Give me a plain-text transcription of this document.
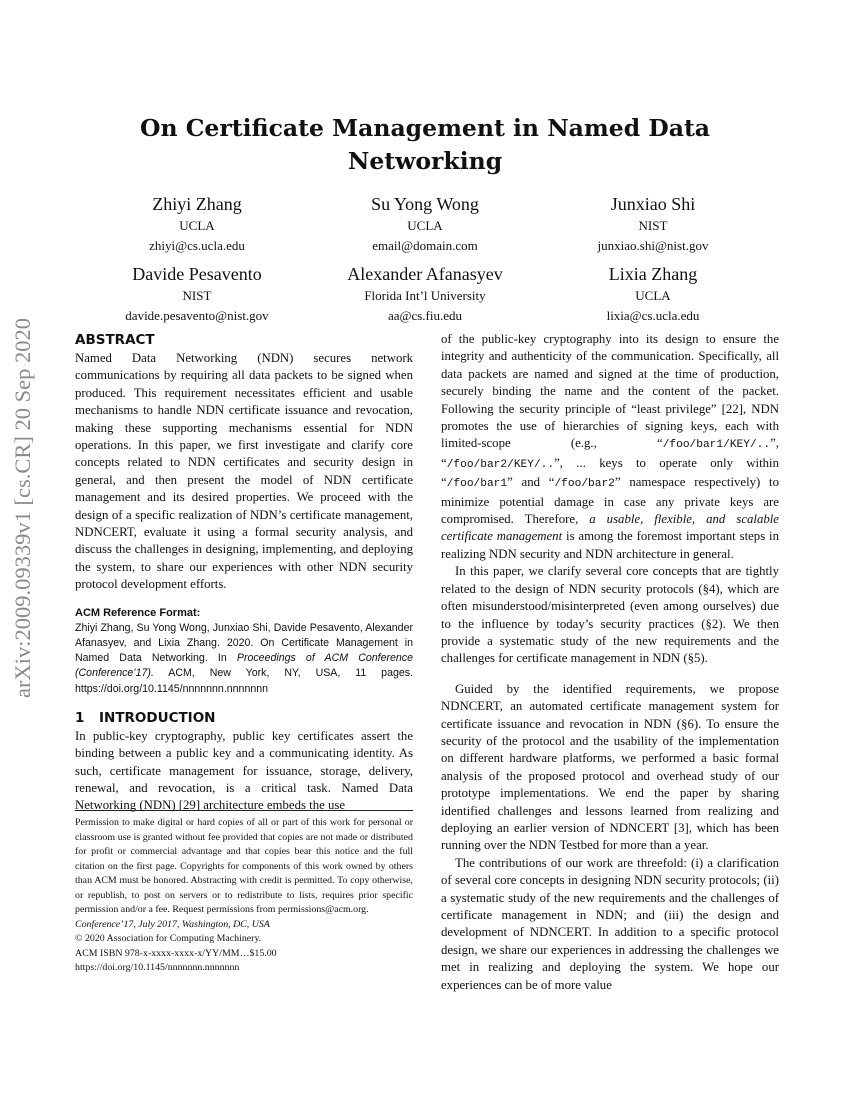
arXiv:2009.09339v1 [cs.CR] 20 Sep 2020
On Certificate Management in Named Data Networking
Zhiyi Zhang
UCLA
zhiyi@cs.ucla.edu
Su Yong Wong
UCLA
email@domain.com
Junxiao Shi
NIST
junxiao.shi@nist.gov
Davide Pesavento
NIST
davide.pesavento@nist.gov
Alexander Afanasyev
Florida Int’l University
aa@cs.fiu.edu
Lixia Zhang
UCLA
lixia@cs.ucla.edu
ABSTRACT

Named Data Networking (NDN) secures network communications by requiring all data packets to be signed when produced. This requirement necessitates efficient and usable mechanisms to handle NDN certificate issuance and revocation, making these supporting mechanisms essential for NDN operations. In this paper, we first investigate and clarify core concepts related to NDN certificates and security design in general, and then present the model of NDN certificate management and its desired properties. We proceed with the design of a specific realization of NDN’s certificate management, NDNCERT, evaluate it using a formal security analysis, and discuss the challenges in designing, implementing, and deploying the system, to share our experiences with other NDN security protocol development efforts.

ACM Reference Format:
Zhiyi Zhang, Su Yong Wong, Junxiao Shi, Davide Pesavento, Alexander Afanasyev, and Lixia Zhang. 2020. On Certificate Management in Named Data Networking. In Proceedings of ACM Conference (Conference’17). ACM, New York, NY, USA, 11 pages. https://doi.org/10.1145/nnnnnnn.nnnnnnn
1 INTRODUCTION

In public-key cryptography, public key certificates assert the binding between a public key and a communicating identity. As such, certificate management for issuance, storage, delivery, renewal, and revocation, is a critical task. Named Data Networking (NDN) [29] architecture embeds the use

Permission to make digital or hard copies of all or part of this work for personal or classroom use is granted without fee provided that copies are not made or distributed for profit or commercial advantage and that copies bear this notice and the full citation on the first page. Copyrights for components of this work owned by others than ACM must be honored. Abstracting with credit is permitted. To copy otherwise, or republish, to post on servers or to redistribute to lists, requires prior specific permission and/or a fee. Request permissions from permissions@acm.org.

Conference’17, July 2017, Washington, DC, USA

© 2020 Association for Computing Machinery.

ACM ISBN 978-x-xxxx-xxxx-x/YY/MM…$15.00

https://doi.org/10.1145/nnnnnnn.nnnnnnn

of the public-key cryptography into its design to ensure the integrity and authenticity of the communication. Specifically, all data packets are named and signed at the time of production, securely binding the name and the content of the packet. Following the security principle of “least privilege” [22], NDN promotes the use of hierarchies of signing keys, each with limited-scope (e.g., “/foo/bar1/KEY/..”, “/foo/bar2/KEY/..”, ... keys to operate only within “/foo/bar1” and “/foo/bar2” namespace respectively) to minimize potential damage in case any private keys are compromised. Therefore, a usable, flexible, and scalable certificate management is among the foremost important steps in realizing NDN security and NDN architecture in general.

In this paper, we clarify several core concepts that are tightly related to the design of NDN security protocols (§4), which are often misunderstood/misinterpreted (even among ourselves) due to the influence by today’s security practices (§2). We then provide a systematic study of the new requirements and the challenges for certificate management in NDN (§5).

Guided by the identified requirements, we propose NDNCERT, an automated certificate management system for certificate issuance and revocation in NDN (§6). To ensure the security of the protocol and the usability of the implementation on different hardware platforms, we performed a basic formal analysis of the proposed protocol and overhead study of our prototype implementations. We end the paper by sharing identified challenges and lessons learned from realizing and deploying an earlier version of NDNCERT [3], which has been running over the NDN Testbed for more than a year.

The contributions of our work are threefold: (i) a clarification of several core concepts in designing NDN security protocols; (ii) a systematic study of the new requirements and the challenges of certificate management in NDN; and (iii) the design and development of NDNCERT. In addition to a specific protocol design, we share our experiences in addressing the challenges we met in realizing and deploying the system. We hope our experiences can be of more value
